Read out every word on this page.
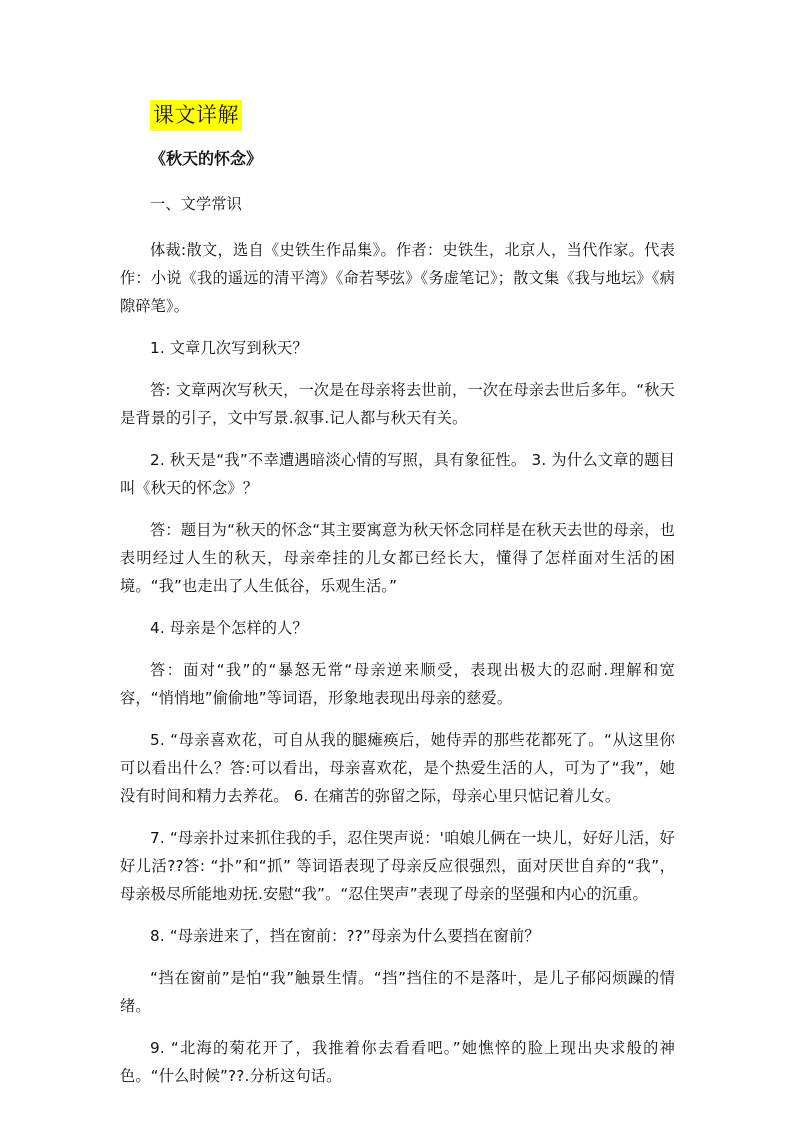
课文详解
《秋天的怀念》

一、文学常识

体裁:散文，选自《史铁生作品集》。作者：史铁生，北京人，当代作家。代表作：小说《我的遥远的清平湾》《命若琴弦》《务虚笔记》；散文集《我与地坛》《病隙碎笔》。

1. 文章几次写到秋天？

答: 文章两次写秋天，一次是在母亲将去世前，一次在母亲去世后多年。“秋天是背景的引子，文中写景.叙事.记人都与秋天有关。

2. 秋天是“我”不幸遭遇暗淡心情的写照，具有象征性。 3. 为什么文章的题目叫《秋天的怀念》？

答：题目为“秋天的怀念“其主要寓意为秋天怀念同样是在秋天去世的母亲，也表明经过人生的秋天，母亲牵挂的儿女都已经长大，懂得了怎样面对生活的困境。“我”也走出了人生低谷，乐观生活。”

4. 母亲是个怎样的人？

答：面对“我”的“暴怒无常“母亲逆来顺受，表现出极大的忍耐.理解和宽容，“悄悄地”偷偷地”等词语，形象地表现出母亲的慈爱。

5. “母亲喜欢花，可自从我的腿瘫痪后，她侍弄的那些花都死了。“从这里你可以看出什么？答:可以看出，母亲喜欢花，是个热爱生活的人，可为了“我”，她没有时间和精力去养花。 6. 在痛苦的弥留之际，母亲心里只惦记着儿女。

7. “母亲扑过来抓住我的手，忍住哭声说：'咱娘儿俩在一块儿，好好儿活，好好儿活??答: “扑”和“抓” 等词语表现了母亲反应很强烈，面对厌世自弃的“我”，母亲极尽所能地劝抚.安慰“我”。“忍住哭声”表现了母亲的坚强和内心的沉重。

8. “母亲进来了，挡在窗前：??”母亲为什么要挡在窗前？

“挡在窗前”是怕“我”触景生情。“挡”挡住的不是落叶，是儿子郁闷烦躁的情绪。

9. “北海的菊花开了，我推着你去看看吧。”她憔悴的脸上现出央求般的神色。“什么时候”??.分析这句话。
